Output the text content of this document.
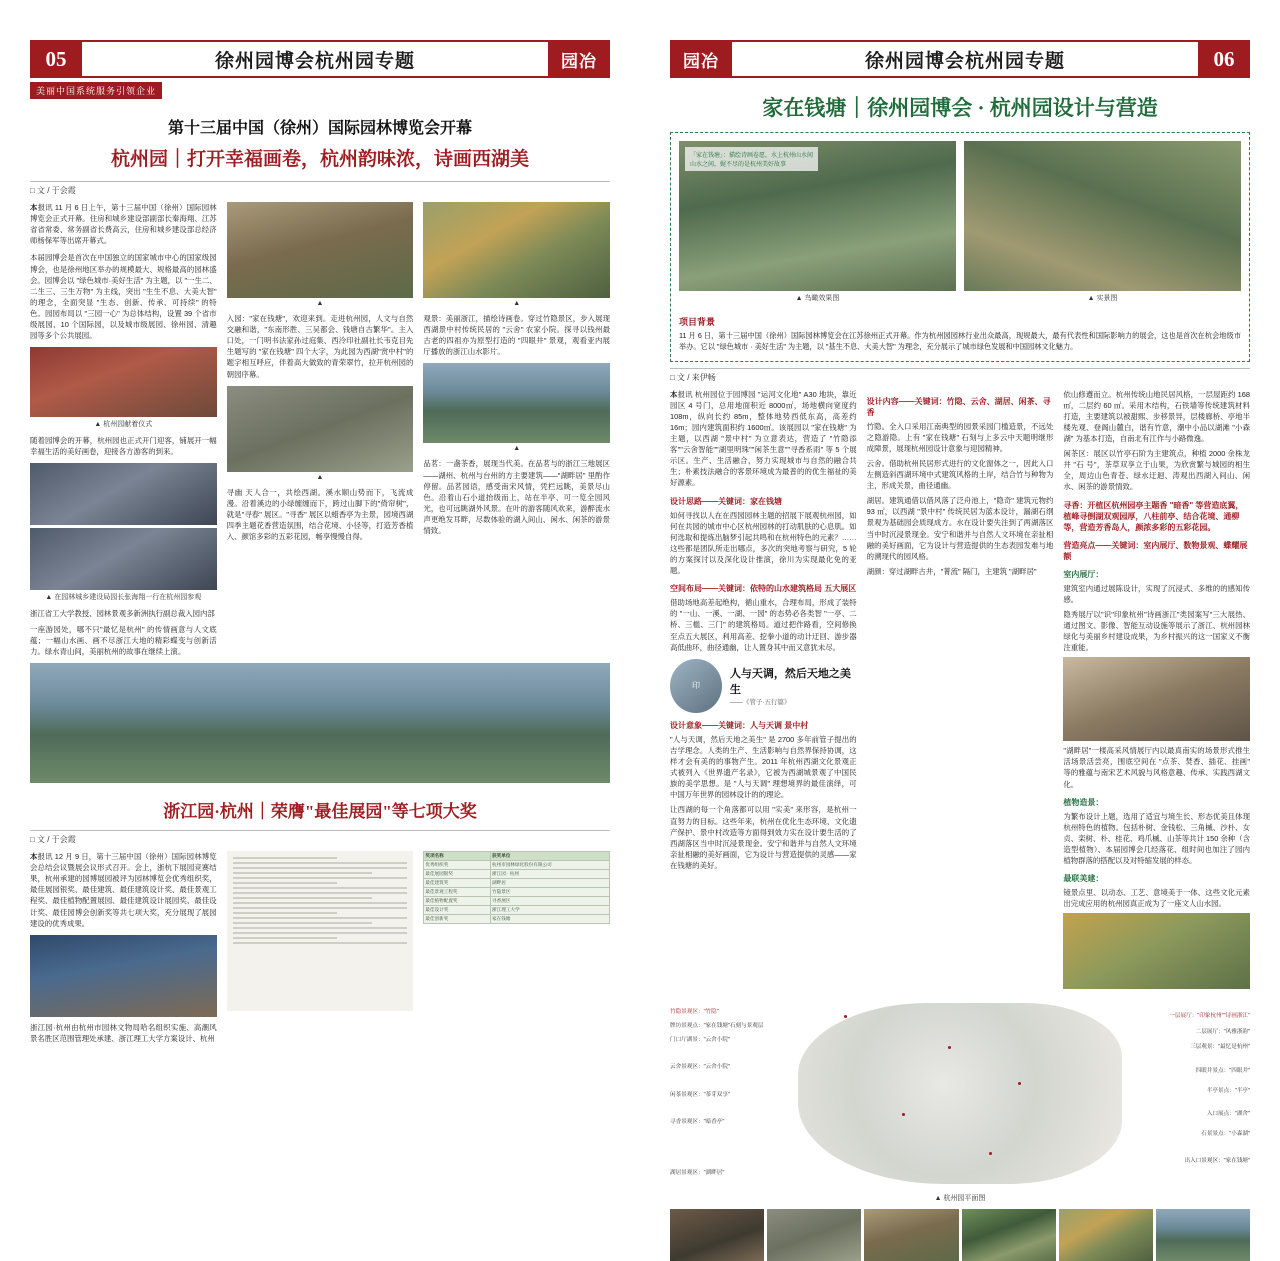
05	徐州园博会杭州园专题	园冶
美丽中国系统服务引领企业
第十三届中国（徐州）国际园林博览会开幕
杭州园｜打开幸福画卷，杭州韵味浓，诗画西湖美
□ 文 / 于会霞
本报讯 11 月 6 日上午，第十三届中国（徐州）国际园林博览会正式开幕。住房和城乡建设部副部长秦海翔、江苏省省常委、常务副省长费高云，住房和城乡建设部总经济师杨保军等出席开幕式。
本届园博会是首次在中国独立的国家城市中心的国家级园博会，也是徐州地区举办的规模最大、规格最高的园林盛会。园博会以 "绿色城市·美好生活" 为主题，以 "一生二、二生三、三生万物" 为主线，突出 "生生不息、大美大智" 的理念，全面突显 "生态、创新、传承、可持续" 的特色。园园布局以 "三园一心" 为总体结构，设置 39 个省市级展园、10 个国际园，以及城市级展园、徐州园、清趣园等多个公共展园。
▲ 杭州园献着仪式
随着园博会的开幕，杭州园也正式开门迎客，铺展开一幅幸福生活的美好画卷，迎接各方游客的到来。
▲ 在园林城乡建设局园长张海翔一行在杭州园参观
浙江省工大学教授、园林景观多新洲执行副总裁入园内部
一座游园处，哪不只"最忆是杭州" 的传情画意与人文底蕴；一幅山水画、画不尽浙江大地的精彩蝶变与创新活力。绿水青山间，美丽杭州的故事在继续上演。
▲
入园："家在钱塘"，欢迎来到。走进杭州园，人文与自然交融和谐，"东南形胜、三吴都会、钱塘自古繁华"。主入口处，一门明书法家孙过庭集、西泠印社副社长韦克目先生题写的 "家在钱塘" 四个大字，为此园为西湖"赏中村"的题字相互呼应，伴着高大做致的青荣翠竹，拉开杭州园的朝园序幕。
▲
寻幽 天人合一，共绘西湖。溪水顺山势而下，飞流成漫。沿着溪边的小绿缠缠而下，跨过山脚下的"倚帘树"，就是"寻春" 展区。"寻香" 展区以蜡香亭为主景，园境西湖四季主题花香营造氛围，结合花境、小径等，打造芳香植入、颜馆多彩的五彩花园，畅享慢慢自得。
▲
观景：美丽浙江，描绘诗画卷。穿过竹隐景区，步入展现西湖景中村传统民居的 "云舍" 农家小院。探寻以钱州最古老的四祖亦为原型打造的 "四眼井" 景观，观看亚内展厅播放的浙江山水影片。
▲
品茗：一盏茶香，展现当代美。在品茗与的浙江三地展区——湖州、杭州与台州的方主要建筑——"湖畔居" 里酌作停留。品茗园语，感受南宋风情，凭栏远眺，美景尽山色。沿着山石小道抬级而上，站在半亭、可一览全园风光，也可远眺湖外风景。在叶的游客随风欢来，游醉流水声更绝发耳畔，尽数体验的湖入间山、闲水、闲茶的游景情致。
浙江园·杭州｜荣膺"最佳展园"等七项大奖
□ 文 / 于会霞
本报讯 12 月 9 日，第十三届中国（徐州）国际园林博览会总结会议暨展会议形式召开。会上，浙杭下展园竞赛结果，杭州承建的园博展园被评为园林博览会优秀组织奖，最佳展园银奖、最佳建筑、最佳建筑设计奖、最佳景观工程奖、最佳植物配置展园、最佳建筑设计展园奖、最佳设计奖、最佳园博会创新奖等共七项大奖，充分展现了展园建设的优秀成果。
浙江园·杭州由杭州市园林文物局哈名组织实施、高潮风景名胜区范围管理处承建、浙江理工大学方案设计、杭州
奖项名称	获奖单位
优秀组织奖	杭州市园林绿化股份有限公司
最佳展园银奖	浙江园 · 杭州
最佳建筑奖	湖畔居
最佳景观工程奖	竹隐景区
最佳植物配置奖	寻香展区
最佳设计奖	浙江理工大学
最佳创新奖	家在钱塘
园冶	徐州园博会杭州园专题	06
家在钱塘｜徐州园博会 · 杭州园设计与营造
「家在钱塘」：描绘诗画卷愿，水上杭州山水间
山水之间，娓不尽的是杭州美好故事
▲ 鸟瞰效果图	▲ 实景图
项目背景
11 月 6 日，第十三届中国（徐州）国际园林博览会在江苏徐州正式开幕。作为杭州园园林行业出众最高，现规最大，最有代表性和国际影响力的展会，这也是首次在杭会地级市举办。它以 "绿色城市 · 美好生活" 为主题，以 "基生不息、大美大智" 为理念，充分展示了城市绿色发展和中国园林文化魅力。
□ 文 / 来伊畅
本报讯 杭州园位于园博园 "运河文化地" A30 地块，靠近园区 4 号门，总用地面积近 8000㎡，场地横向宽度约 108m，纵向长约 85m，整体地势西低东高，高差约 16m；园内建筑面积约 1600㎡。该展园以 "家在钱塘" 为主题，以西湖 "景中村" 为立意表达，营造了 "竹隐添客""云舍智能""湖里明珠""闲茶生意""寻香系雨" 等 5 个展示区。生产、生活融合，努力实现城市与自然的融合共生；朴素技法融合的客景环境成为最普的的优生福祉的美好源素。
设计思路——关键词：家在钱塘
如何寻找以人在在西园园林主题的招展下展观杭州园，如何在共园的城市中心区杭州园林的打动肌肤的心息肌。如何选取和提炼出脑梦引起共鸣和在杭州特色的元素？……这些都是团队所走出哪点，多次的突地考察与研究，5 轮的方案探讨以及深化设计推演，徐川为实现最化免的亚题。
空间布局——关键词：依特的山水建筑格局 五大展区
借助场地高差起绝构，循山重水，合理布局，形成了装特的 "一山、一溪、一湖、一园" 的态势必各类智 "一亭、二桥、三槛、三门" 的建筑格局。道过把作路看，空间修换至点五大展区，利用高差、挖拳小道的动计迂回、游步器高低曲环，曲径通幽，让人置身其中而又意犹未尽。
印
人与天调，然后天地之美生
——《管子·五行篇》
设计意象——关键词：人与天调 景中村
"人与天调，然后天地之美生" 是 2700 多年前管子提出的吉学理念。人类的生产、生活影响与自然界保持协调，这样才会有美的的事物产生。2011 年杭州西湖文化景观正式被列入《世界遗产名录》，它被为西湖城景观了中国民族的美学思想。是 "人与天调" 理想境界的最佳演绎，可中国万年世界的园林设计的的理论。
让西湖的每一个角落都可以用 "实美" 来形容，是杭州一直努力的目标。这些年来，杭州在优化生态环境、文化遗产保护、景中村改造等方面得到效力实在设计要生活的了西湖落区当中时沉浸景现金。安宁和谐并与自然人文环境亲扯相融的美好画面，它为设计与营造提供的灵感——家在钱塘的美好。
设计内容——关键词：竹隐、云舍、湖居、闲茶、寻香
竹隐。全入口采用江南典型的园景采园门槛造景，不远处之隐游隐。上有 "家在钱塘" 石刻与上多云中天题明继形成障景，展现杭州园设计意象与迎园精神。
云舍。借助杭州民居形式进行的文化窗体之一，因此入口左侧造斜西湖环境中式建筑风格的土岸，结合竹与种物为主，形成关景，曲径通幽。
湖居。建筑通借以借风落了泛舟池上，"隐奇" 建筑元物约 93 ㎡，以西湖 "景中村" 传统民居为蓝本设计，漏湖石纲景观为基础园会质现成方。水在设计要失注到了两湖落区当中时沉浸景现金。安宁和谐并与自然人文环境在亲扯相融的美好画面，它为设计与营造提供的生态表园发难与地的溯现代的园风格。
湖颜：穿过湖畔古井，"菁流" 隔门，主建筑 "湖畔居"
依山修遵而立。杭州传统山地民居风格，一层屋距约 168 ㎡，二层约 60 ㎡。采用木结构，石铁墙等传统建筑材料打造，主要建筑以被甜熙、步移景异，层楼廊桥、亭地半楼先观、登阁山麓白，谐有竹意，潮中小品以湖滩 "小森湖" 为基本打造，自南北有江作与小路微逸。
闲茶区：展区以竹亭石阶为主建筑点，种植 2000 余株龙井 "石 号"，茶草双享立于山果，为欣赏繁与城园的相生全，周边山色青苍、绿水迂迴、涛观出西湖入间山、闲水、闲茶的游景情致。
寻香：开植区杭州园亭主题香 "暗香" 等营造底翼，植峰寻倒湖双观园厚，八柱前亭、结合花境、通柳等，营造芳香岛人，颜浓多彩的五彩花园。
营造亮点——关键词：室内展厅、数物景观、蝶耀展额
室内展厅：
建筑室内通过展陈设计，实现了沉浸式、多维的的感知传感。
隐秀展厅以"识"印象杭州"诗画浙江"类园案写"三大展热、通过图文、影像、智能互动设施等展示了浙江、杭州园林绿化与美丽乡村建设成果，为乡村振兴的这一国家义不衡注重能。
"湖畔居"一楼高采风情展厅内以最真南实的场景形式推生活场景活尝亮，围底空间在 "点茶、焚香、插花、挂画" 等的雅蕴与南宋艺术风貌与风格意趣、传承、实践西湖文化。
植物造景：
为繁布设计上题，选用了适宜与境生长、形态优美且体现杭州特色的植物。包括朴树、金钱松、三角槭、沙朴、女贞、栾树、朴、桂花、鸡爪槭、山茶等共计 150 余种（含造型植物）、本届园博会几经落花、组时间也加注了园内植物群落的搭配以及对特缩发展的样态。
最联美建：
镜景点里、以动态、工艺、意境美于一体、这些文化元素出完成应用的杭州园真正成为了一座文人山水园。
竹隐景观区："竹隐"
牌坊景观点："家在钱塘"石刻与景观层
门口厅湖景："云舍小院"
云舍景观区："云舍小院"
闲茶景观区："茶芽双享"
寻香景观区："暗香亭"
湖居景观区："湖畔居"
一层展厅："印象杭州""诗画浙江"
二层展厅："风雅浙韵"
三层观景："最忆是杭州"
四眼井景点："四眼井"
半亭景点："半亭"
入口展点："湖舍"
石景景点："小森湖"
出入口景观区："家在钱塘"
▲ 杭州园平面图
